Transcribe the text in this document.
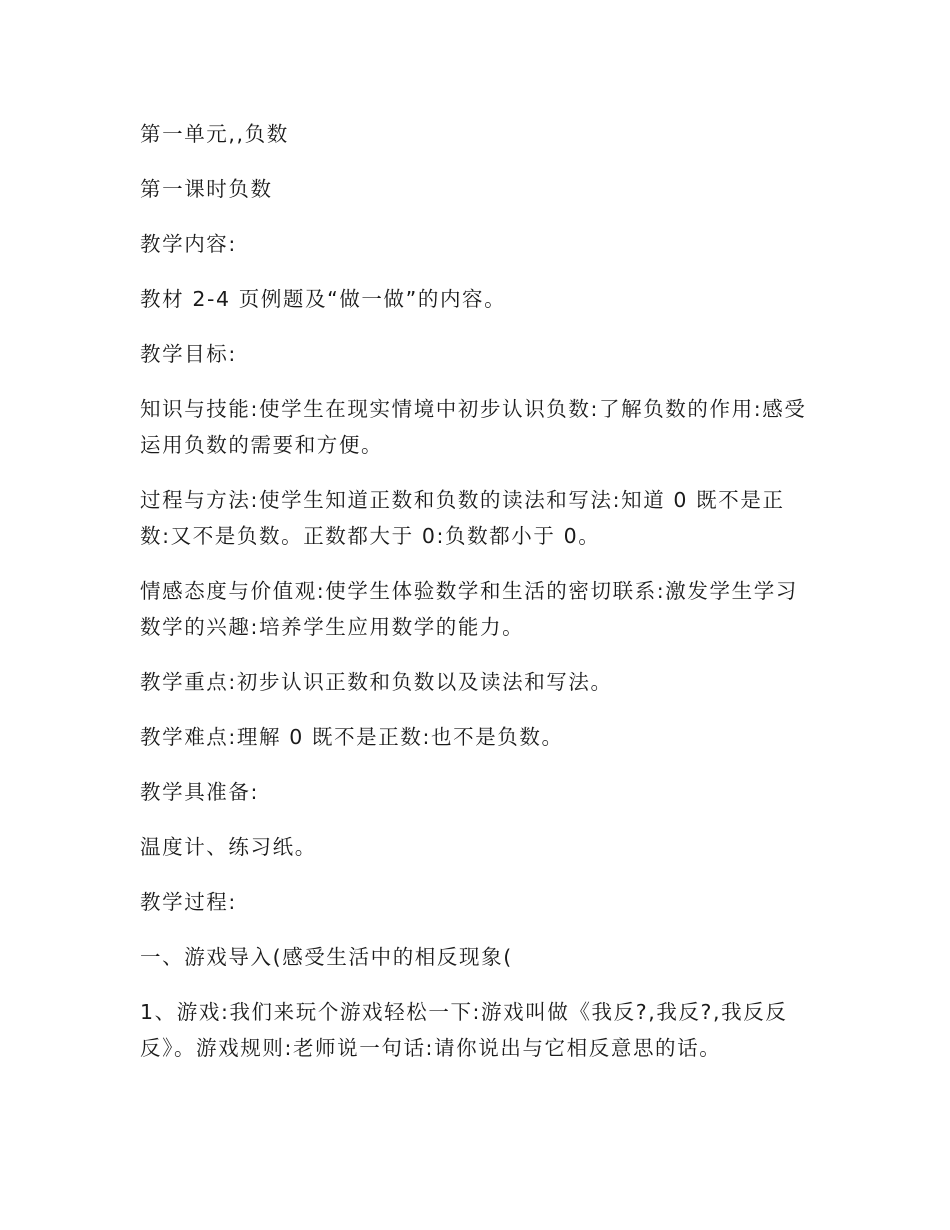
第一单元,,负数

第一课时负数

教学内容:

教材 2-4 页例题及“做一做”的内容。

教学目标:

知识与技能:使学生在现实情境中初步认识负数:了解负数的作用:感受运用负数的需要和方便。

过程与方法:使学生知道正数和负数的读法和写法:知道 0 既不是正数:又不是负数。正数都大于 0:负数都小于 0。

情感态度与价值观:使学生体验数学和生活的密切联系:激发学生学习数学的兴趣:培养学生应用数学的能力。

教学重点:初步认识正数和负数以及读法和写法。

教学难点:理解 0 既不是正数:也不是负数。

教学具准备:

温度计、练习纸。

教学过程:

一、游戏导入(感受生活中的相反现象(

1、游戏:我们来玩个游戏轻松一下:游戏叫做《我反?,我反?,我反反反》。游戏规则:老师说一句话:请你说出与它相反意思的话。
